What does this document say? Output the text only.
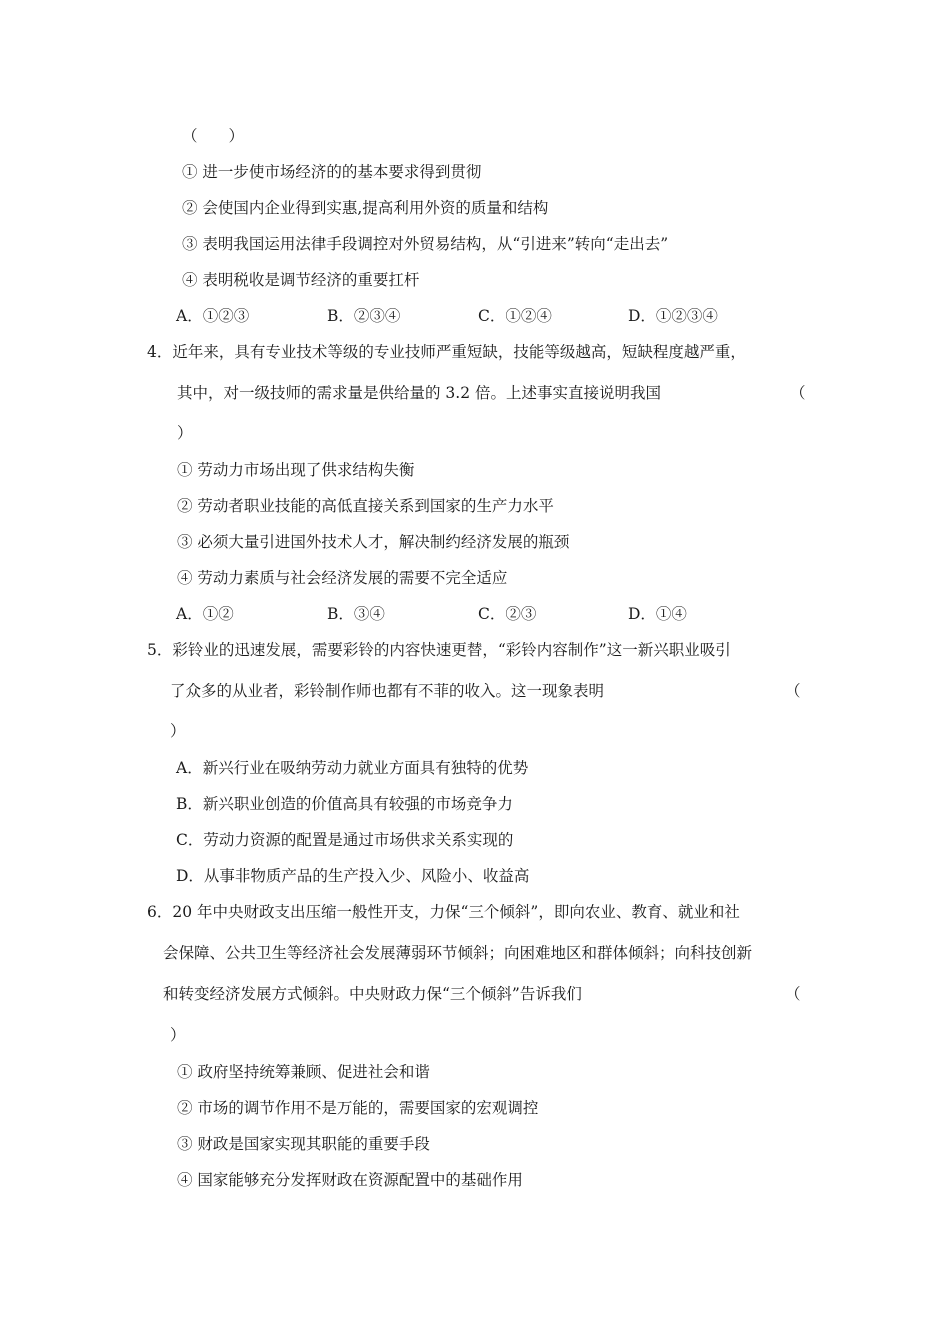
（　　）
① 进一步使市场经济的的基本要求得到贯彻
② 会使国内企业得到实惠,提高利用外资的质量和结构
③ 表明我国运用法律手段调控对外贸易结构，从“引进来”转向“走出去”
④ 表明税收是调节经济的重要扛杆
A．①②③	B．②③④	C．①②④	D．①②③④
4．近年来，具有专业技术等级的专业技师严重短缺，技能等级越高，短缺程度越严重，
其中，对一级技师的需求量是供给量的 3.2 倍。上述事实直接说明我国	（
）
① 劳动力市场出现了供求结构失衡
② 劳动者职业技能的高低直接关系到国家的生产力水平
③ 必须大量引进国外技术人才，解决制约经济发展的瓶颈
④ 劳动力素质与社会经济发展的需要不完全适应
A．①②	B．③④	C．②③	D．①④
5．彩铃业的迅速发展，需要彩铃的内容快速更替，“彩铃内容制作”这一新兴职业吸引
了众多的从业者，彩铃制作师也都有不菲的收入。这一现象表明	（
）
A．新兴行业在吸纳劳动力就业方面具有独特的优势
B．新兴职业创造的价值高具有较强的市场竞争力
C．劳动力资源的配置是通过市场供求关系实现的
D．从事非物质产品的生产投入少、风险小、收益高
6．20 年中央财政支出压缩一般性开支，力保“三个倾斜”，即向农业、教育、就业和社
会保障、公共卫生等经济社会发展薄弱环节倾斜；向困难地区和群体倾斜；向科技创新
和转变经济发展方式倾斜。中央财政力保“三个倾斜”告诉我们	（
）
① 政府坚持统筹兼顾、促进社会和谐
② 市场的调节作用不是万能的，需要国家的宏观调控
③ 财政是国家实现其职能的重要手段
④ 国家能够充分发挥财政在资源配置中的基础作用
